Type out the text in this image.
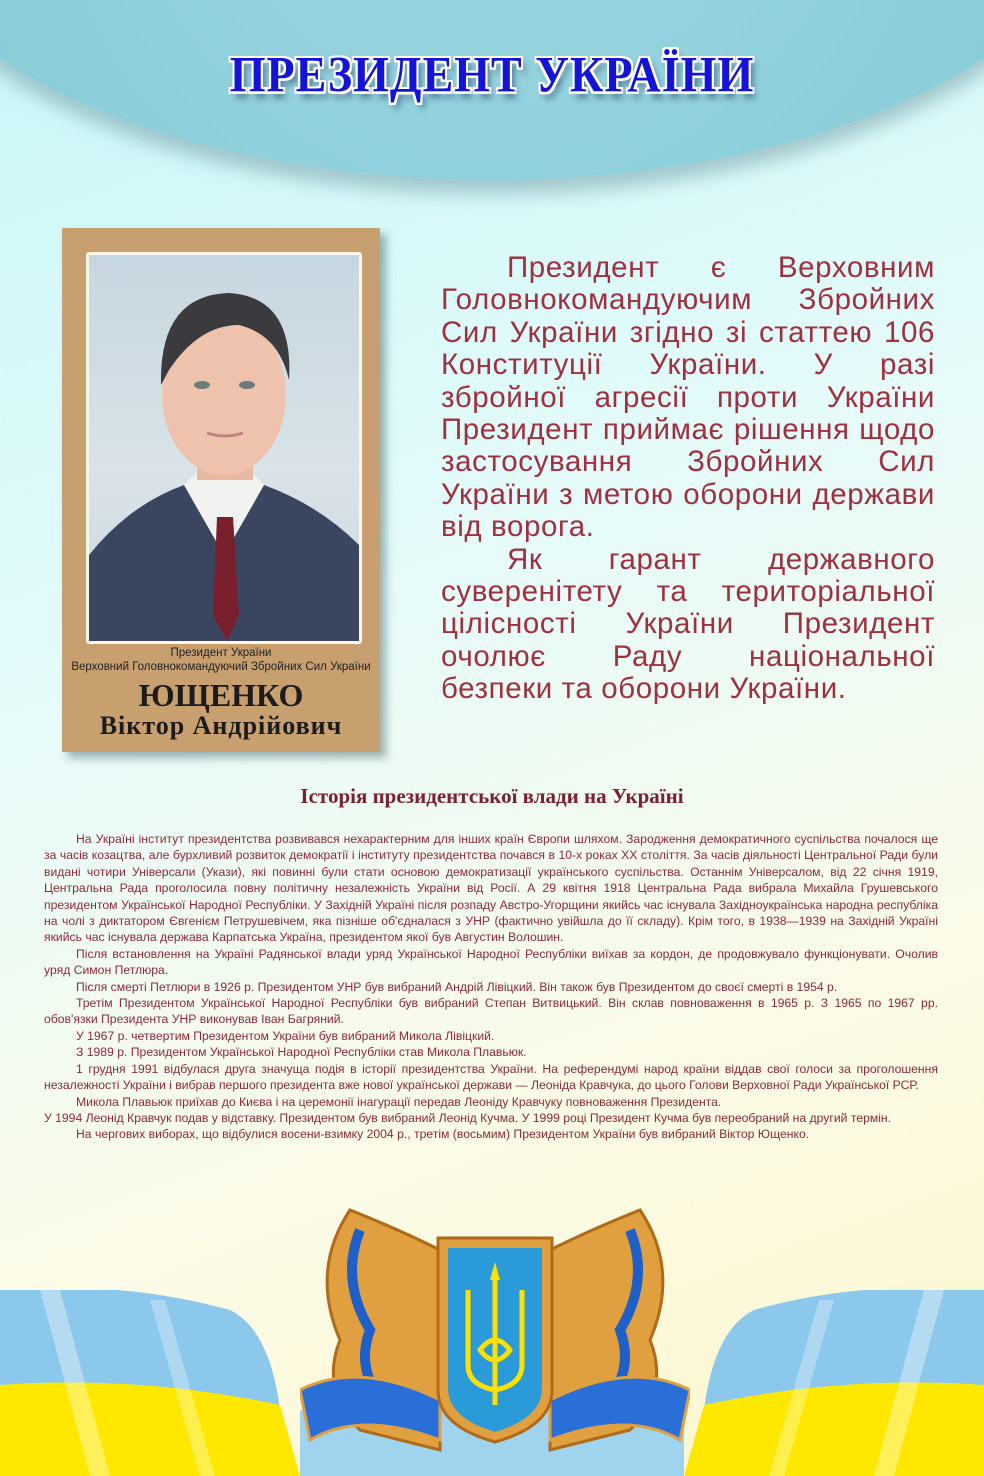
ПРЕЗИДЕНТ УКРАЇНИ
Президент України
Верховний Головнокомандуючий Збройних Сил України
ЮЩЕНКО
Віктор Андрійович

Президент є Верховним Головнокомандуючим Збройних Сил України згідно зі статтею 106 Конституції України. У разі збройної агресії проти України Президент приймає рішення щодо застосування Збройних Сил України з метою оборони держави від ворога.

Як гарант державного суверенітету та територіальної цілісності України Президент очолює Раду національної безпеки та оборони України.

Історія президентської влади на Україні

На Україні інститут президентства розвивався нехарактерним для інших країн Європи шляхом. Зародження демократичного суспільства почалося ще за часів козацтва, але бурхливий розвиток демократії і інституту президентства почався в 10-х роках XX століття. За часів діяльності Центральної Ради були видані чотири Універсали (Укази), які повинні були стати основою демократизації українського суспільства. Останнім Універсалом, від 22 січня 1919, Центральна Рада проголосила повну політичну незалежність України від Росії. А 29 квітня 1918 Центральна Рада вибрала Михайла Грушевського президентом Української Народної Республіки. У Західній Україні після розпаду Австро-Угорщини якийсь час існувала Західноукраїнська народна республіка на чолі з диктатором Євгенієм Петрушевічем, яка пізніше об'єдналася з УНР (фактично увійшла до її складу). Крім того, в 1938—1939 на Західній Україні якийсь час існувала держава Карпатська Україна, президентом якої був Августин Волошин.

Після встановлення на Україні Радянської влади уряд Української Народної Республіки виїхав за кордон, де продовжувало функціонувати. Очолив уряд Симон Петлюра.

Після смерті Петлюри в 1926 р. Президентом УНР був вибраний Андрій Лівіцкий. Він також був Президентом до своєї смерті в 1954 р.

Третім Президентом Української Народної Республіки був вибраний Степан Витвицький. Він склав повноваження в 1965 р. З 1965 по 1967 рр. обов'язки Президента УНР виконував Іван Багряний.

У 1967 р. четвертим Президентом України був вибраний Микола Лівіцкий.

З 1989 р. Президентом Української Народної Республіки став Микола Плавьюк.

1 грудня 1991 відбулася друга значуща подія в історії президентства України. На референдумі народ країни віддав свої голоси за проголошення незалежності України і вибрав першого президента вже нової української держави — Леоніда Кравчука, до цього Голови Верховної Ради Української РСР.

Микола Плавьюк приїхав до Києва і на церемонії інагурації передав Леоніду Кравчуку повноваження Президента.

У 1994 Леонід Кравчук подав у відставку. Президентом був вибраний Леонід Кучма. У 1999 році Президент Кучма був переобраний на другий термін.

На чергових виборах, що відбулися восени-взимку 2004 р., третім (восьмим) Президентом України був вибраний Віктор Ющенко.
